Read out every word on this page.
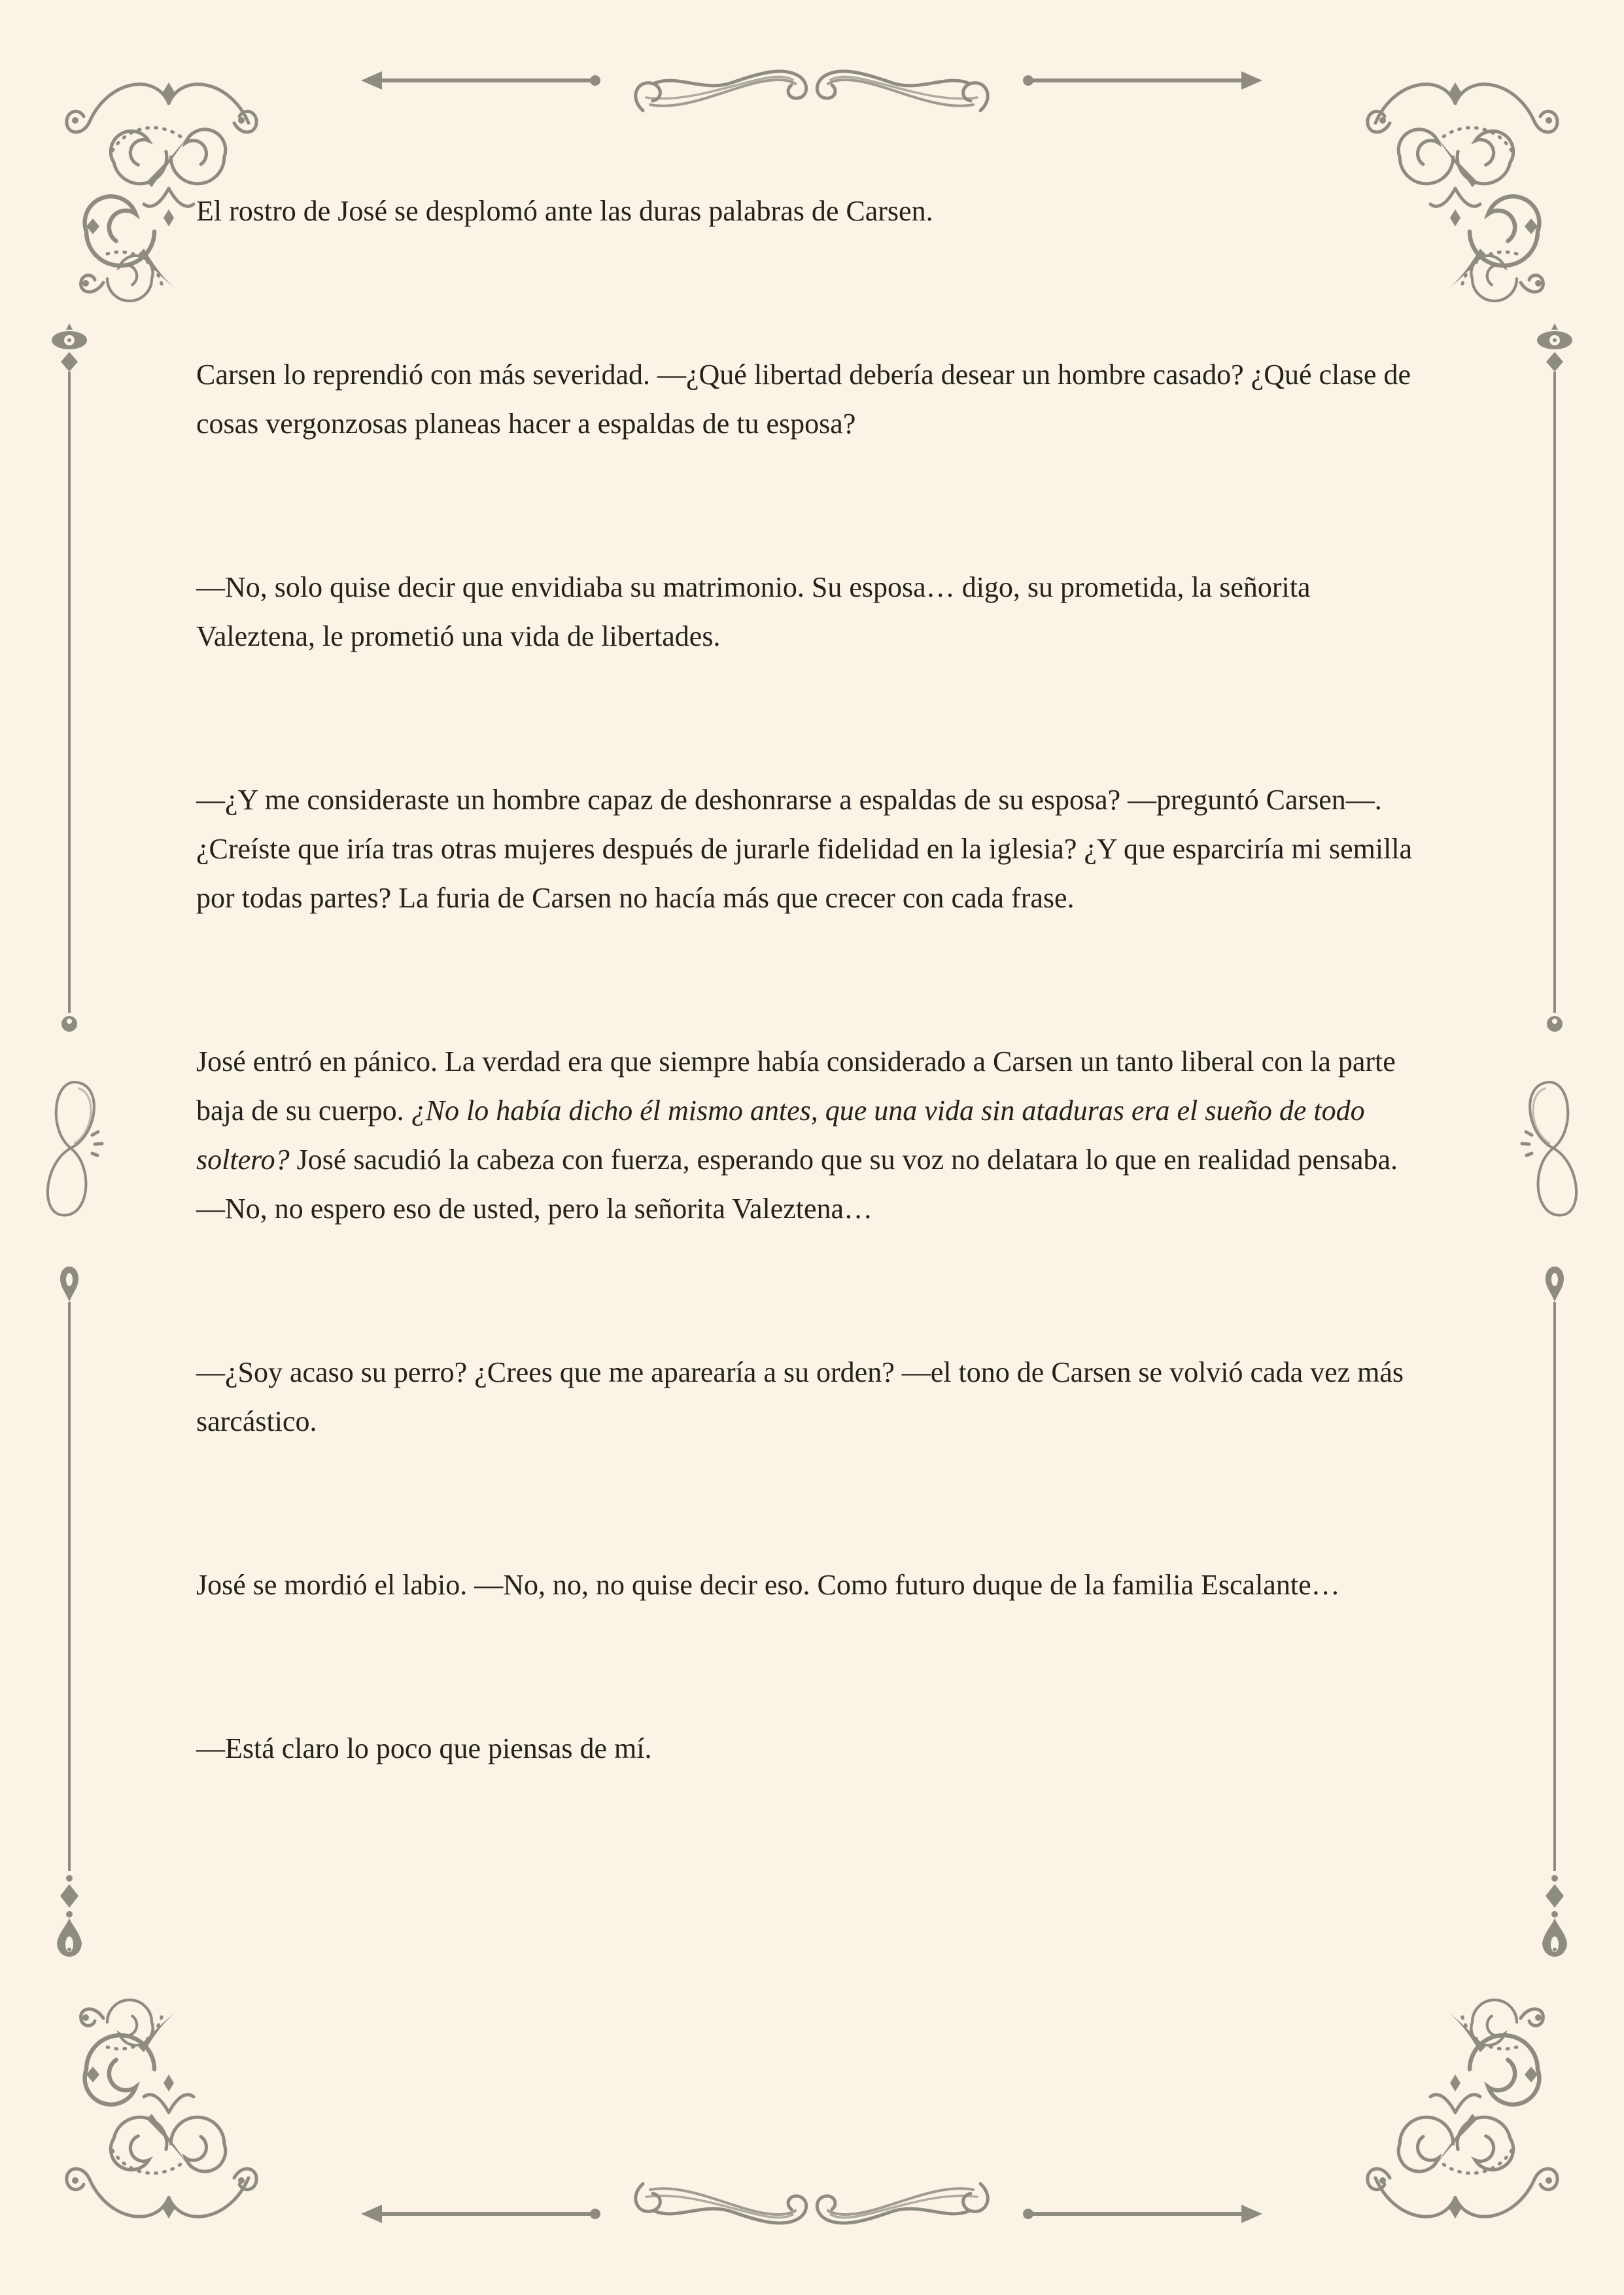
El rostro de José se desplomó ante las duras palabras de Carsen.

Carsen lo reprendió con más severidad. —¿Qué libertad debería desear un hombre casado? ¿Qué clase de cosas vergonzosas planeas hacer a espaldas de tu esposa?

—No, solo quise decir que envidiaba su matrimonio. Su esposa… digo, su prometida, la señorita Valeztena, le prometió una vida de libertades.

—¿Y me consideraste un hombre capaz de deshonrarse a espaldas de su esposa? —preguntó Carsen—. ¿Creíste que iría tras otras mujeres después de jurarle fidelidad en la iglesia? ¿Y que esparciría mi semilla por todas partes? La furia de Carsen no hacía más que crecer con cada frase.

José entró en pánico. La verdad era que siempre había considerado a Carsen un tanto liberal con la parte baja de su cuerpo. ¿No lo había dicho él mismo antes, que una vida sin ataduras era el sueño de todo soltero? José sacudió la cabeza con fuerza, esperando que su voz no delatara lo que en realidad pensaba. —No, no espero eso de usted, pero la señorita Valeztena…

—¿Soy acaso su perro? ¿Crees que me aparearía a su orden? —el tono de Carsen se volvió cada vez más sarcástico.

José se mordió el labio. —No, no, no quise decir eso. Como futuro duque de la familia Escalante…

—Está claro lo poco que piensas de mí.
